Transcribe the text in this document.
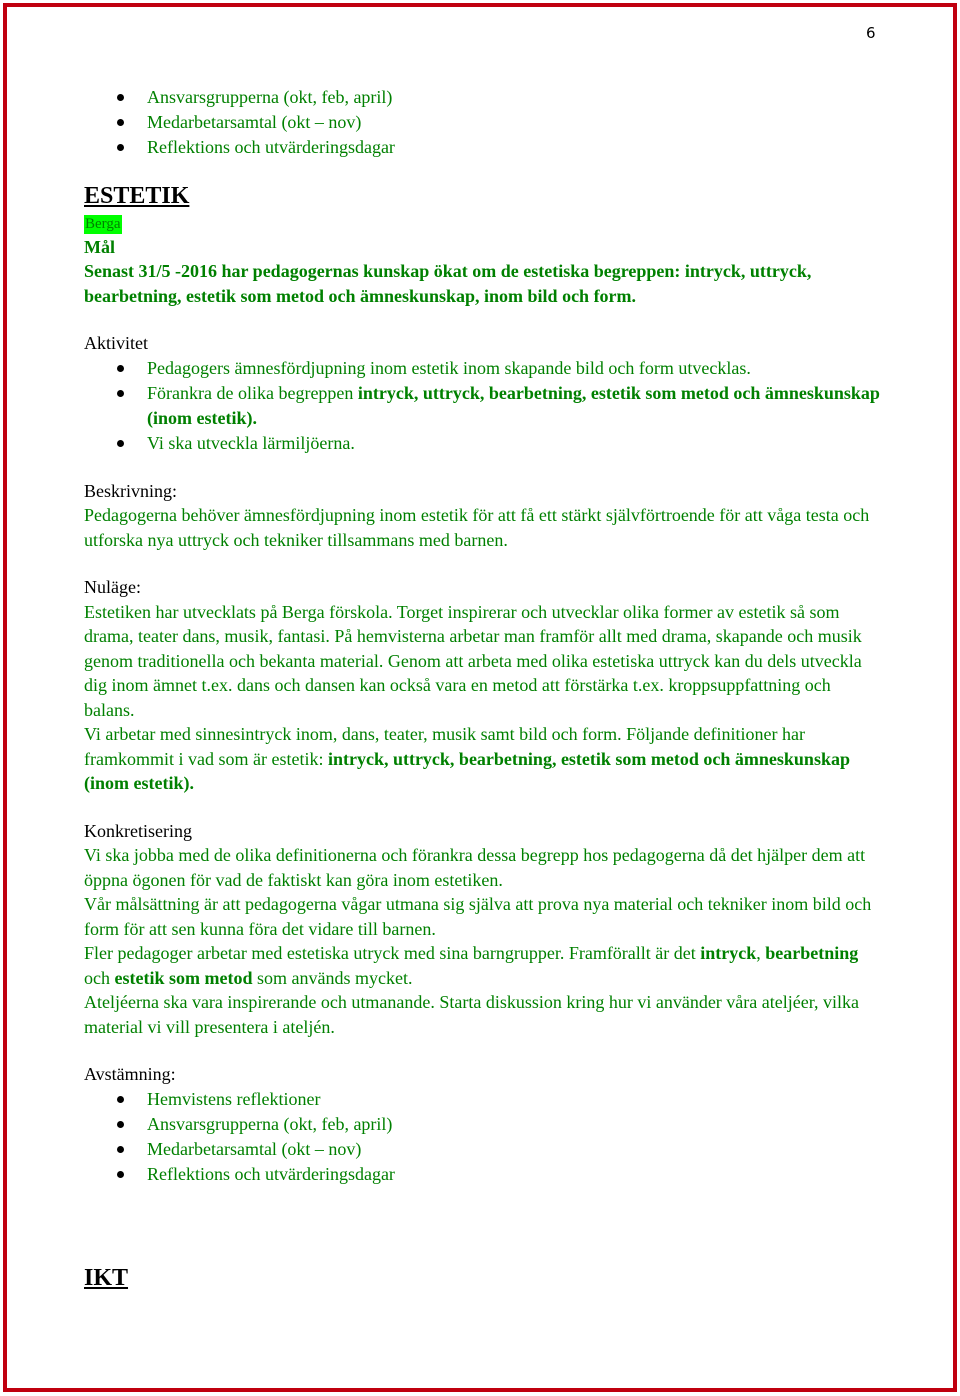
6
Ansvarsgrupperna (okt, feb, april)
Medarbetarsamtal (okt – nov)
Reflektions och utvärderingsdagar
ESTETIK
Berga

Mål

Senast 31/5 -2016 har pedagogernas kunskap ökat om de estetiska begreppen: intryck, uttryck, bearbetning, estetik som metod och ämneskunskap, inom bild och form.

Aktivitet

Pedagogers ämnesfördjupning inom estetik inom skapande bild och form utvecklas.
Förankra de olika begreppen intryck, uttryck, bearbetning, estetik som metod och ämneskunskap (inom estetik).
Vi ska utveckla lärmiljöerna.

Beskrivning:

Pedagogerna behöver ämnesfördjupning inom estetik för att få ett stärkt självförtroende för att våga testa och utforska nya uttryck och tekniker tillsammans med barnen.

Nuläge:

Estetiken har utvecklats på Berga förskola. Torget inspirerar och utvecklar olika former av estetik så som drama, teater dans, musik, fantasi. På hemvisterna arbetar man framför allt med drama, skapande och musik genom traditionella och bekanta material. Genom att arbeta med olika estetiska uttryck kan du dels utveckla dig inom ämnet t.ex. dans och dansen kan också vara en metod att förstärka t.ex. kroppsuppfattning och balans.

Vi arbetar med sinnesintryck inom, dans, teater, musik samt bild och form. Följande definitioner har framkommit i vad som är estetik: intryck, uttryck, bearbetning, estetik som metod och ämneskunskap (inom estetik).

Konkretisering

Vi ska jobba med de olika definitionerna och förankra dessa begrepp hos pedagogerna då det hjälper dem att öppna ögonen för vad de faktiskt kan göra inom estetiken.

Vår målsättning är att pedagogerna vågar utmana sig själva att prova nya material och tekniker inom bild och form för att sen kunna föra det vidare till barnen.

Fler pedagoger arbetar med estetiska utryck med sina barngrupper. Framförallt är det intryck, bearbetning och estetik som metod som används mycket.

Ateljéerna ska vara inspirerande och utmanande. Starta diskussion kring hur vi använder våra ateljéer, vilka material vi vill presentera i ateljén.

Avstämning:

Hemvistens reflektioner
Ansvarsgrupperna (okt, feb, april)
Medarbetarsamtal (okt – nov)
Reflektions och utvärderingsdagar
IKT
